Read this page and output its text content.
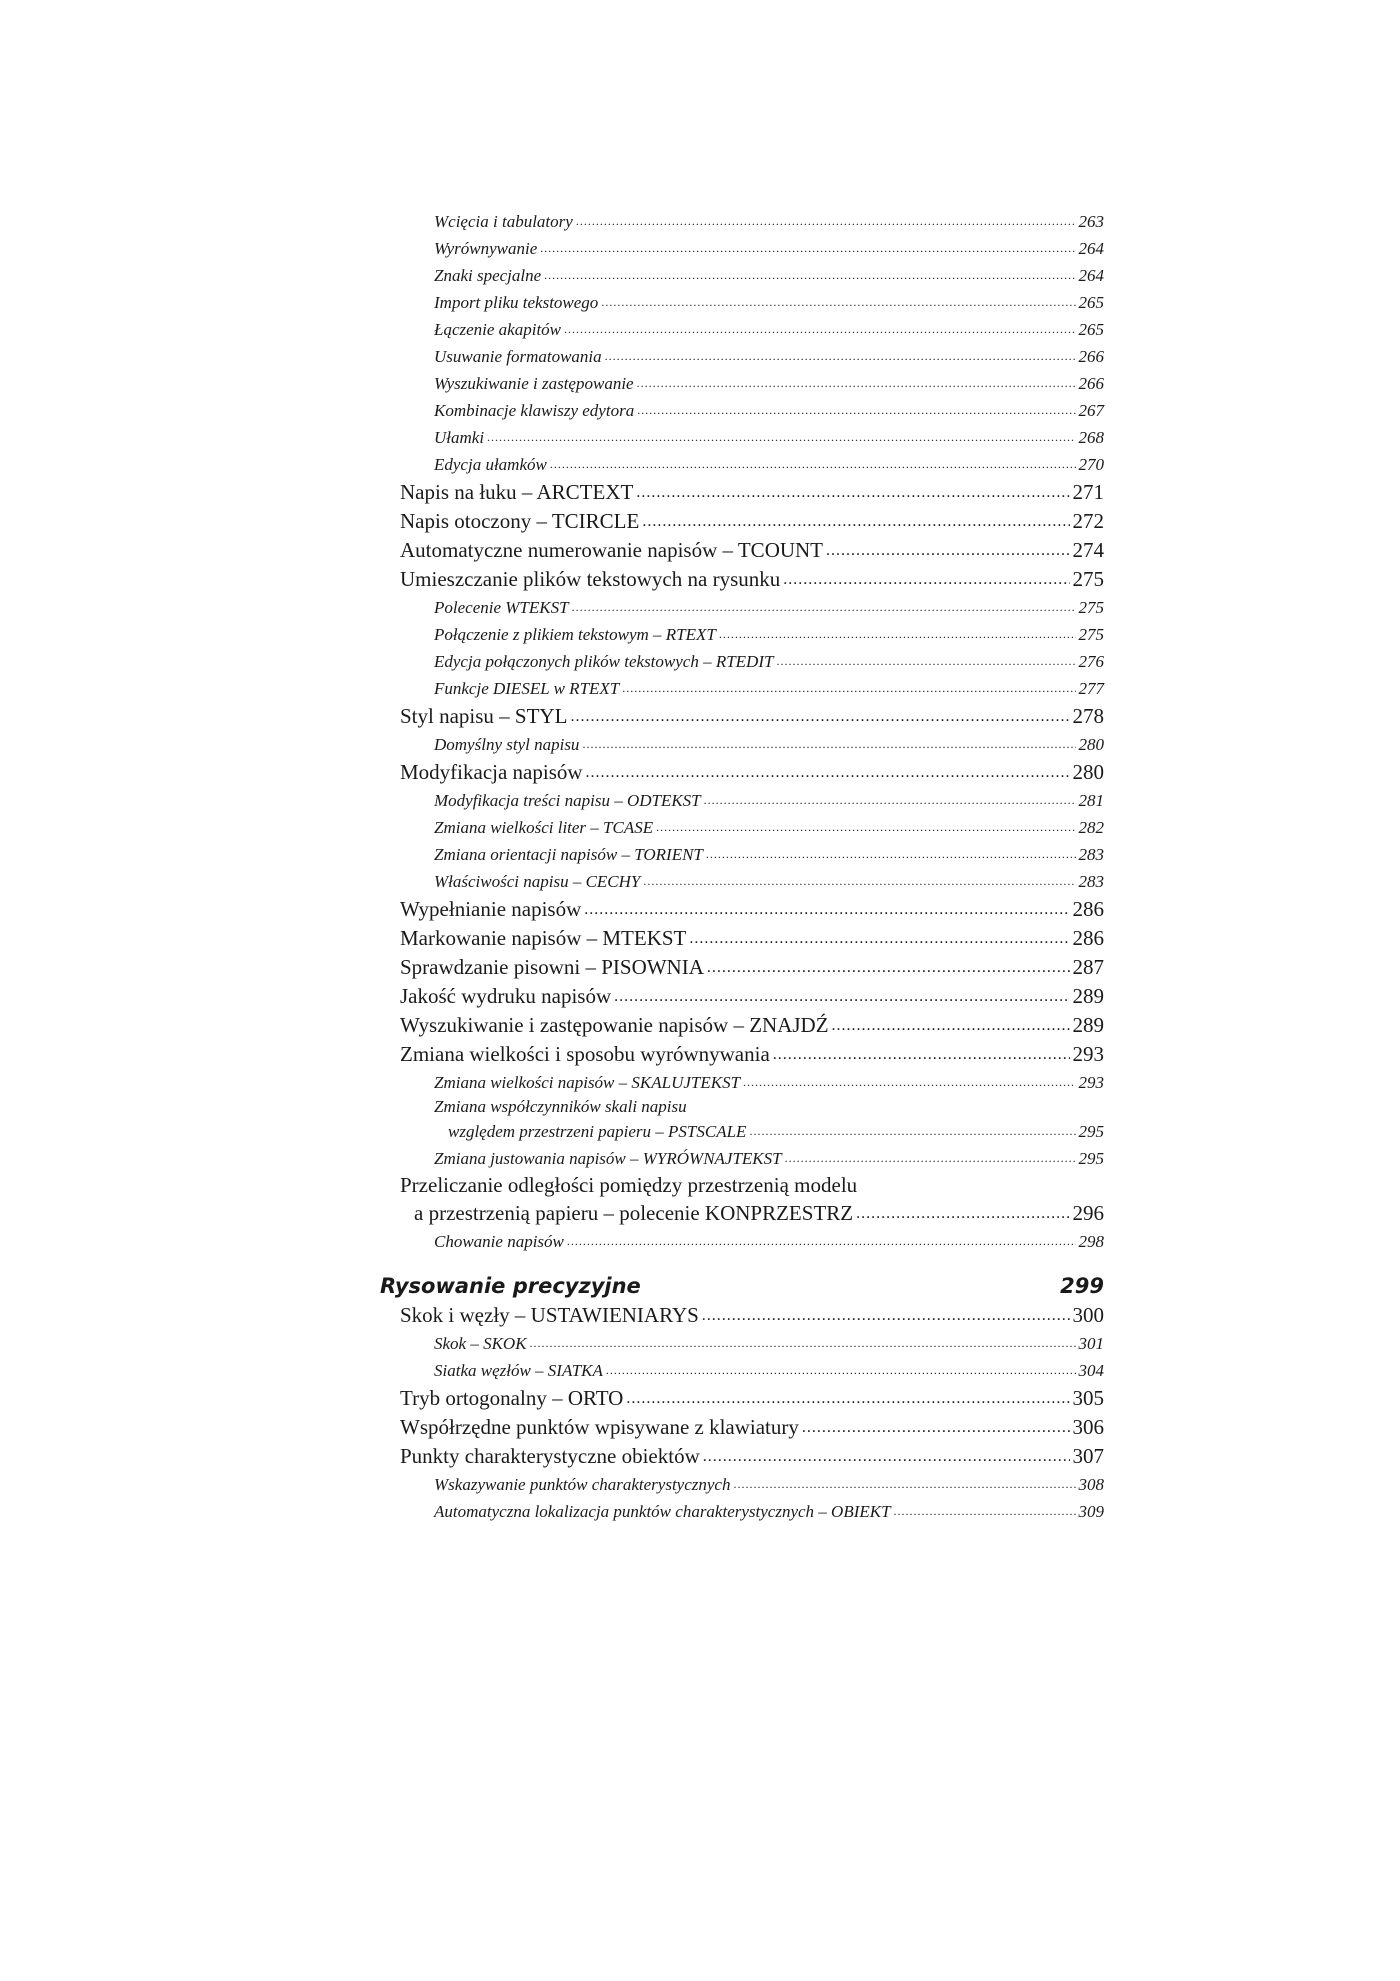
Wcięcia i tabulatory .....	263
Wyrównywanie .....	264
Znaki specjalne .....	264
Import pliku tekstowego .....	265
Łączenie akapitów .....	265
Usuwanie formatowania .....	266
Wyszukiwanie i zastępowanie .....	266
Kombinacje klawiszy edytora .....	267
Ułamki .....	268
Edycja ułamków .....	270
Napis na łuku – ARCTEXT .....	271
Napis otoczony – TCIRCLE .....	272
Automatyczne numerowanie napisów – TCOUNT .....	274
Umieszczanie plików tekstowych na rysunku .....	275
Polecenie WTEKST .....	275
Połączenie z plikiem tekstowym – RTEXT .....	275
Edycja połączonych plików tekstowych – RTEDIT .....	276
Funkcje DIESEL w RTEXT .....	277
Styl napisu – STYL .....	278
Domyślny styl napisu .....	280
Modyfikacja napisów .....	280
Modyfikacja treści napisu – ODTEKST .....	281
Zmiana wielkości liter – TCASE .....	282
Zmiana orientacji napisów – TORIENT .....	283
Właściwości napisu – CECHY .....	283
Wypełnianie napisów .....	286
Markowanie napisów – MTEKST .....	286
Sprawdzanie pisowni – PISOWNIA .....	287
Jakość wydruku napisów .....	289
Wyszukiwanie i zastępowanie napisów – ZNAJDŹ .....	289
Zmiana wielkości i sposobu wyrównywania .....	293
Zmiana wielkości napisów – SKALUJTEKST .....	293
Zmiana współczynników skali napisu
względem przestrzeni papieru – PSTSCALE .....	295
Zmiana justowania napisów – WYRÓWNAJTEKST .....	295
Przeliczanie odległości pomiędzy przestrzenią modelu
a przestrzenią papieru – polecenie KONPRZESTRZ .....	296
Chowanie napisów .....	298
Rysowanie precyzyjne	299
Skok i węzły – USTAWIENIARYS .....	300
Skok – SKOK .....	301
Siatka węzłów – SIATKA .....	304
Tryb ortogonalny – ORTO .....	305
Współrzędne punktów wpisywane z klawiatury .....	306
Punkty charakterystyczne obiektów .....	307
Wskazywanie punktów charakterystycznych .....	308
Automatyczna lokalizacja punktów charakterystycznych – OBIEKT .....	309
